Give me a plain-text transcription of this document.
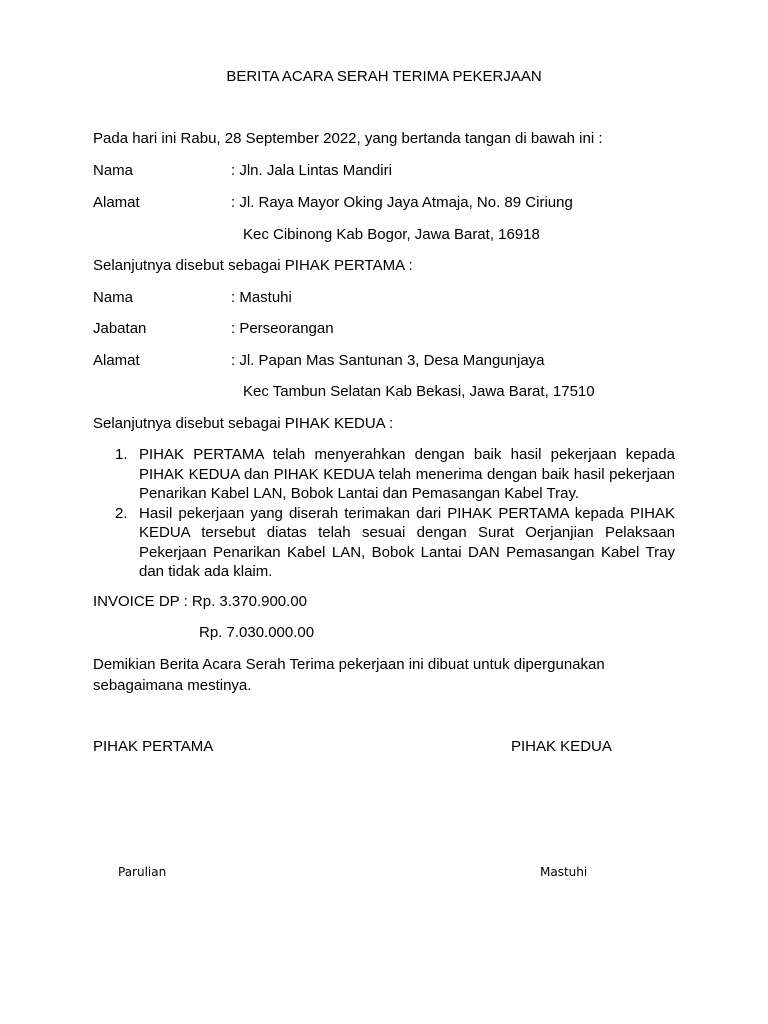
BERITA ACARA SERAH TERIMA PEKERJAAN
Pada hari ini Rabu, 28 September 2022, yang bertanda tangan di bawah ini :
Nama	: Jln. Jala Lintas Mandiri
Alamat	: Jl. Raya Mayor Oking Jaya Atmaja, No. 89 Ciriung
Kec Cibinong Kab Bogor, Jawa Barat, 16918
Selanjutnya disebut sebagai PIHAK PERTAMA :
Nama	: Mastuhi
Jabatan	: Perseorangan
Alamat	: Jl. Papan Mas Santunan 3, Desa Mangunjaya
Kec Tambun Selatan Kab Bekasi, Jawa Barat, 17510
Selanjutnya disebut sebagai PIHAK KEDUA :
1. PIHAK PERTAMA telah menyerahkan dengan baik hasil pekerjaan kepada PIHAK KEDUA dan PIHAK KEDUA telah menerima dengan baik hasil pekerjaan Penarikan Kabel LAN, Bobok Lantai dan Pemasangan Kabel Tray.
2. Hasil pekerjaan yang diserah terimakan dari PIHAK PERTAMA kepada PIHAK KEDUA tersebut diatas telah sesuai dengan Surat Oerjanjian Pelaksaan Pekerjaan Penarikan Kabel LAN, Bobok Lantai DAN Pemasangan Kabel Tray dan tidak ada klaim.
INVOICE DP : Rp. 3.370.900.00
Rp. 7.030.000.00
Demikian Berita Acara Serah Terima pekerjaan ini dibuat untuk dipergunakan
sebagaimana mestinya.
PIHAK PERTAMA	PIHAK KEDUA
Parulian	Mastuhi
